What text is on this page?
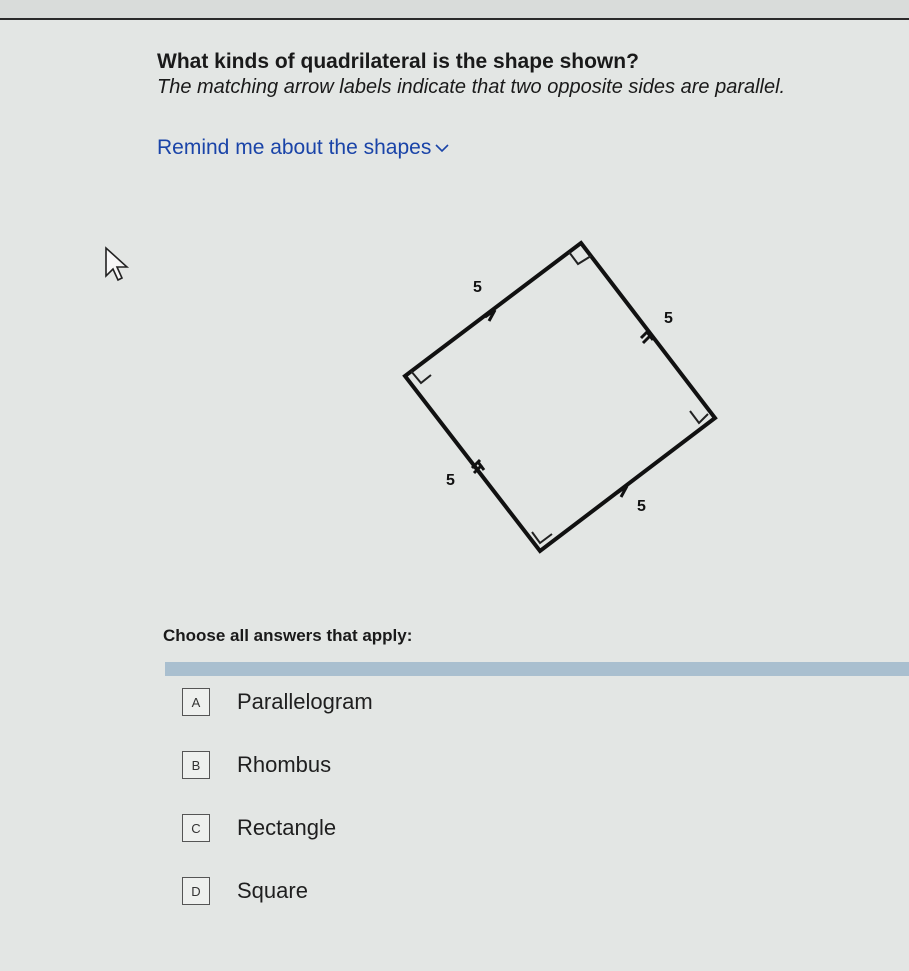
What kinds of quadrilateral is the shape shown?

The matching arrow labels indicate that two opposite sides are parallel.

Remind me about the shapes
5
5
5
5
Choose all answers that apply:
A	Parallelogram
B	Rhombus
C	Rectangle
D	Square
